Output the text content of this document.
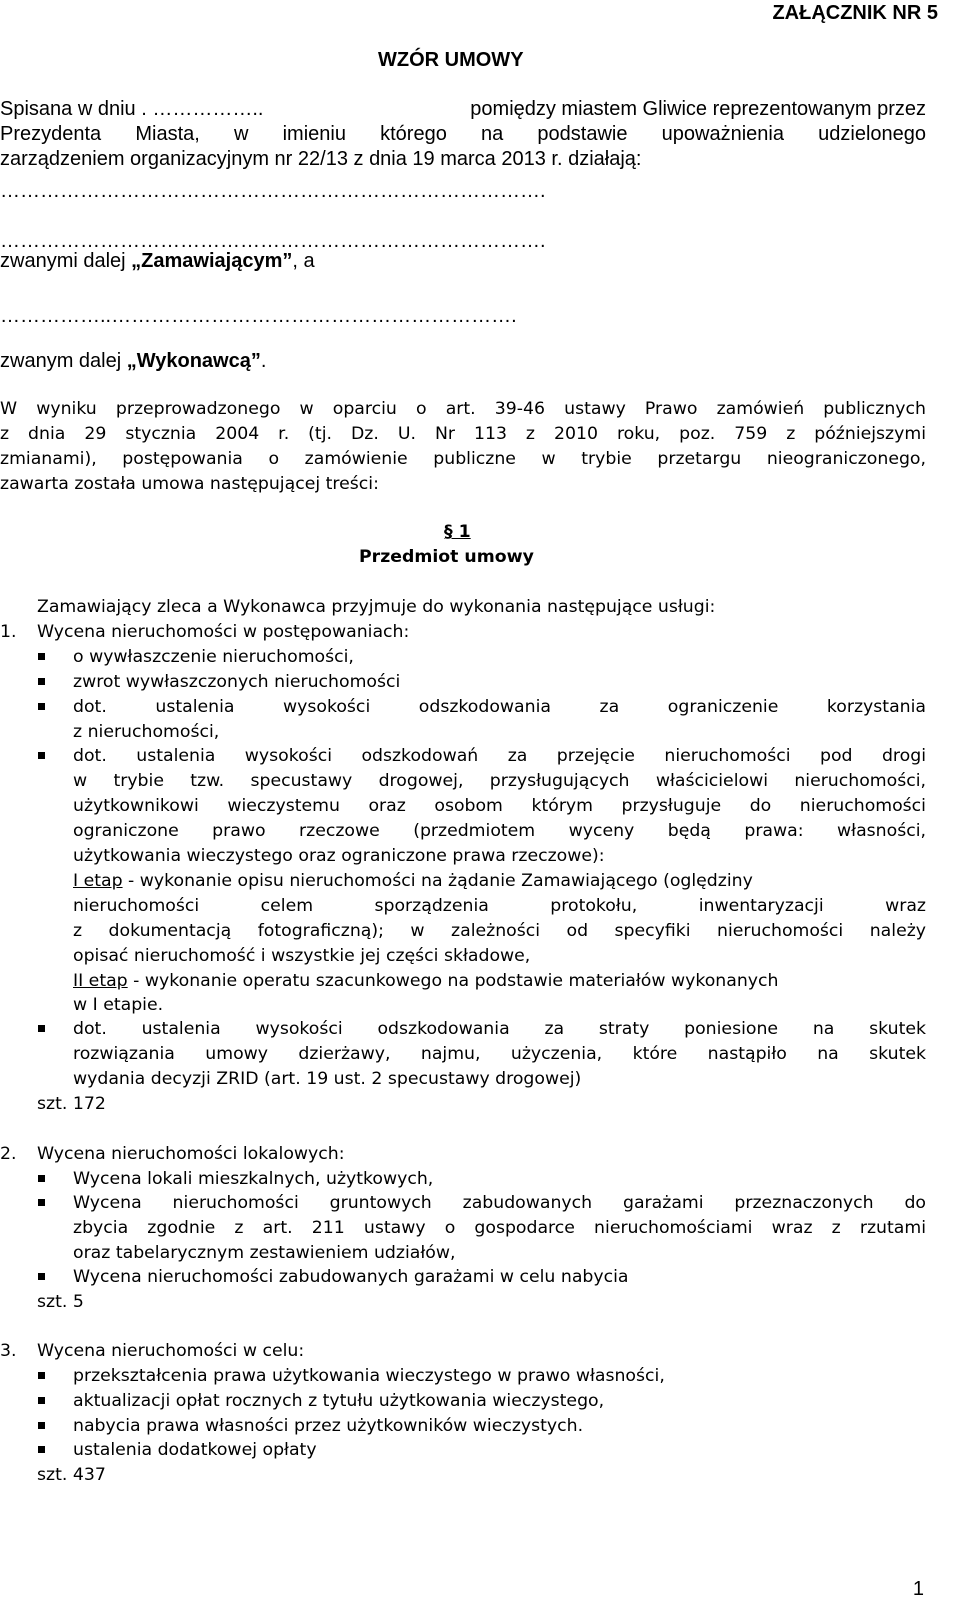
ZAŁĄCZNIK NR 5
WZÓR UMOWY
Spisana w dniu . ……………..	pomiędzy miastem Gliwice reprezentowanym przez
Prezydenta Miasta, w imieniu którego na podstawie upoważnienia udzielonego
zarządzeniem organizacyjnym nr 22/13 z dnia 19 marca 2013 r. działają:
……………………………………………………………………….
……………………………………………………………………….
zwanymi dalej „Zamawiającym”, a
……………..…………………………………………………….
zwanym dalej „Wykonawcą”.
W wyniku przeprowadzonego w oparciu o art. 39-46 ustawy Prawo zamówień publicznych
z dnia 29 stycznia 2004 r. (tj. Dz. U. Nr 113 z 2010 roku, poz. 759 z późniejszymi
zmianami), postępowania o zamówienie publiczne w trybie przetargu nieograniczonego,
zawarta została umowa następującej treści:
§ 1
Przedmiot umowy
Zamawiający zleca a Wykonawca przyjmuje do wykonania następujące usługi:
1. Wycena nieruchomości w postępowaniach:
o wywłaszczenie nieruchomości,
zwrot wywłaszczonych nieruchomości
dot. ustalenia wysokości odszkodowania za ograniczenie korzystania
z nieruchomości,
dot. ustalenia wysokości odszkodowań za przejęcie nieruchomości pod drogi
w trybie tzw. specustawy drogowej, przysługujących właścicielowi nieruchomości,
użytkownikowi wieczystemu oraz osobom którym przysługuje do nieruchomości
ograniczone prawo rzeczowe (przedmiotem wyceny będą prawa: własności,
użytkowania wieczystego oraz ograniczone prawa rzeczowe):
I etap - wykonanie opisu nieruchomości na żądanie Zamawiającego (oględziny
nieruchomości celem sporządzenia protokołu, inwentaryzacji wraz
z dokumentacją fotograficzną); w zależności od specyfiki nieruchomości należy
opisać nieruchomość i wszystkie jej części składowe,
II etap - wykonanie operatu szacunkowego na podstawie materiałów wykonanych
w I etapie.
dot. ustalenia wysokości odszkodowania za straty poniesione na skutek
rozwiązania umowy dzierżawy, najmu, użyczenia, które nastąpiło na skutek
wydania decyzji ZRID (art. 19 ust. 2 specustawy drogowej)
szt. 172
2. Wycena nieruchomości lokalowych:
Wycena lokali mieszkalnych, użytkowych,
Wycena nieruchomości gruntowych zabudowanych garażami przeznaczonych do
zbycia zgodnie z art. 211 ustawy o gospodarce nieruchomościami wraz z rzutami
oraz tabelarycznym zestawieniem udziałów,
Wycena nieruchomości zabudowanych garażami w celu nabycia
szt. 5
3. Wycena nieruchomości w celu:
przekształcenia prawa użytkowania wieczystego w prawo własności,
aktualizacji opłat rocznych z tytułu użytkowania wieczystego,
nabycia prawa własności przez użytkowników wieczystych.
ustalenia dodatkowej opłaty
szt. 437
1
